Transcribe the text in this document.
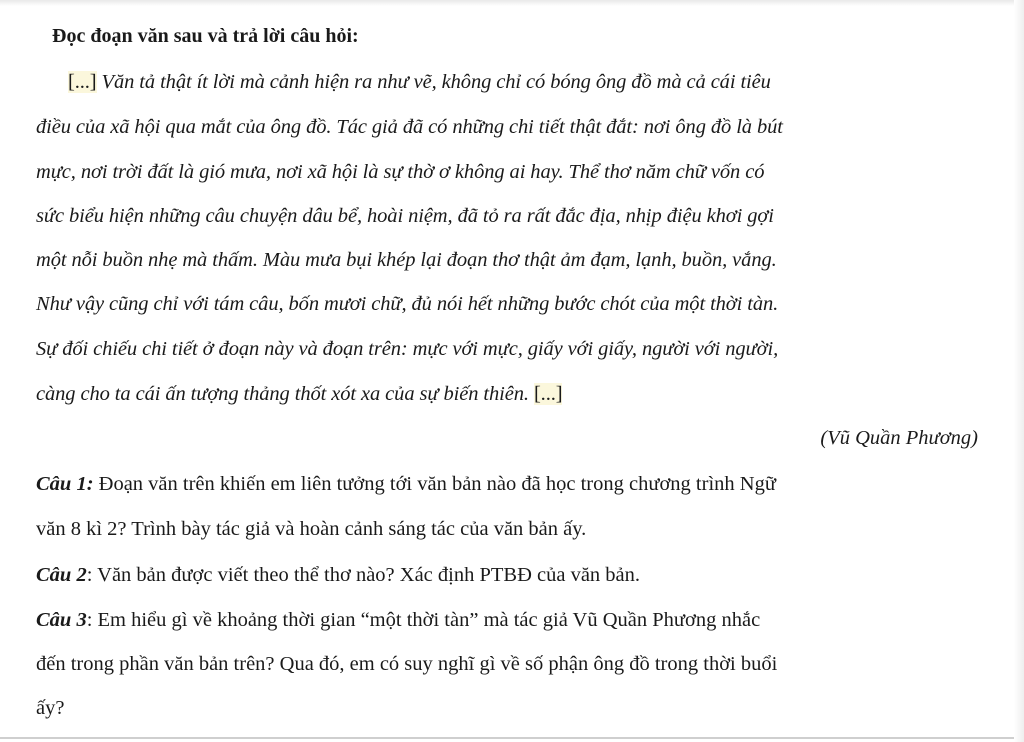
Đọc đoạn văn sau và trả lời câu hỏi:
[...] Văn tả thật ít lời mà cảnh hiện ra như vẽ, không chỉ có bóng ông đồ mà cả cái tiêu
điều của xã hội qua mắt của ông đồ. Tác giả đã có những chi tiết thật đắt: nơi ông đồ là bút
mực, nơi trời đất là gió mưa, nơi xã hội là sự thờ ơ không ai hay. Thể thơ năm chữ vốn có
sức biểu hiện những câu chuyện dâu bể, hoài niệm, đã tỏ ra rất đắc địa, nhịp điệu khơi gợi
một nỗi buồn nhẹ mà thấm. Màu mưa bụi khép lại đoạn thơ thật ảm đạm, lạnh, buồn, vắng.
Như vậy cũng chỉ với tám câu, bốn mươi chữ, đủ nói hết những bước chót của một thời tàn.
Sự đối chiếu chi tiết ở đoạn này và đoạn trên: mực với mực, giấy với giấy, người với người,
càng cho ta cái ấn tượng thảng thốt xót xa của sự biến thiên. [...]
(Vũ Quần Phương)
Câu 1: Đoạn văn trên khiến em liên tưởng tới văn bản nào đã học trong chương trình Ngữ
văn 8 kì 2? Trình bày tác giả và hoàn cảnh sáng tác của văn bản ấy.
Câu 2: Văn bản được viết theo thể thơ nào? Xác định PTBĐ của văn bản.
Câu 3: Em hiểu gì về khoảng thời gian “một thời tàn” mà tác giả Vũ Quần Phương nhắc
đến trong phần văn bản trên? Qua đó, em có suy nghĩ gì về số phận ông đồ trong thời buổi
ấy?
